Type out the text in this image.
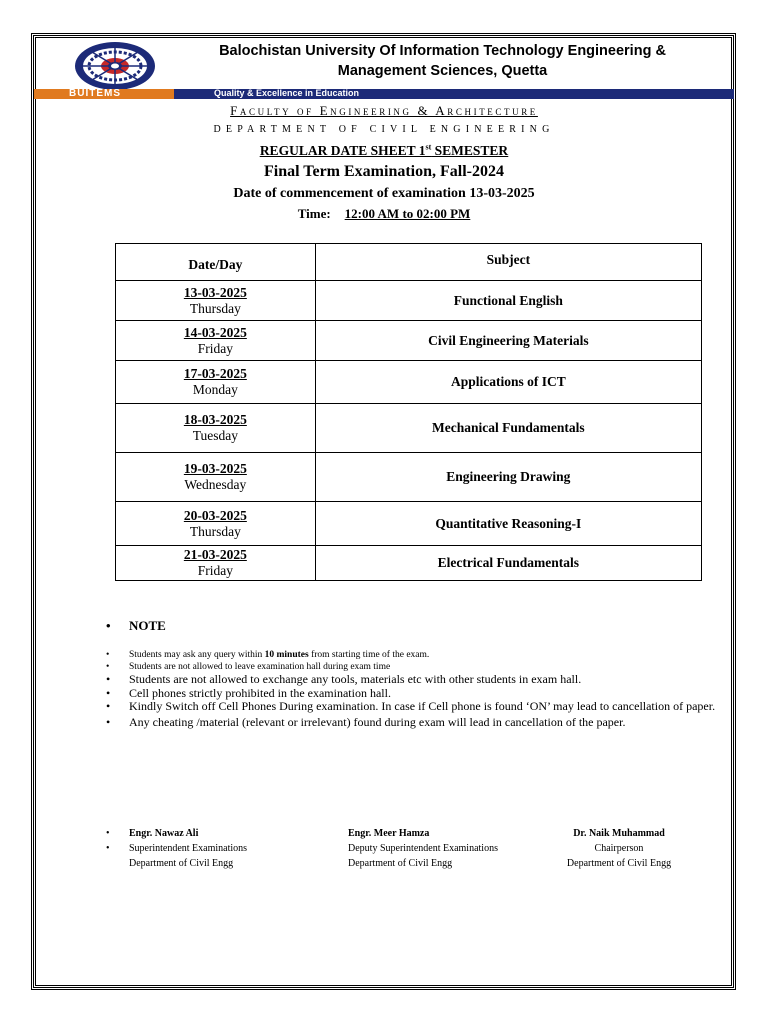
Balochistan University Of Information Technology Engineering &
Management Sciences, Quetta
BUITEMS	Quality & Excellence in Education
Faculty of Engineering & Architecture
DEPARTMENT OF CIVIL ENGINEERING
REGULAR DATE SHEET 1st SEMESTER
Final Term Examination, Fall-2024
Date of commencement of examination 13-03-2025
Time: 12:00 AM to 02:00 PM
Date/Day	Subject

13-03-2025
Thursday	Functional English

14-03-2025
Friday	Civil Engineering Materials

17-03-2025
Monday	Applications of ICT

18-03-2025
Tuesday	Mechanical Fundamentals

19-03-2025
Wednesday	Engineering Drawing

20-03-2025
Thursday	Quantitative Reasoning-I

21-03-2025
Friday	Electrical Fundamentals
• NOTE
• Students may ask any query within 10 minutes from starting time of the exam.
• Students are not allowed to leave examination hall during exam time
• Students are not allowed to exchange any tools, materials etc with other students in exam hall.
• Cell phones strictly prohibited in the examination hall.
• Kindly Switch off Cell Phones During examination. In case if Cell phone is found ‘ON’ may lead to cancellation of paper.
• Any cheating /material (relevant or irrelevant) found during exam will lead in cancellation of the paper.
• Engr. Nawaz Ali
• Superintendent Examinations
Department of Civil Engg
Engr. Meer Hamza
Deputy Superintendent Examinations
Department of Civil Engg
Dr. Naik Muhammad
Chairperson
Department of Civil Engg
